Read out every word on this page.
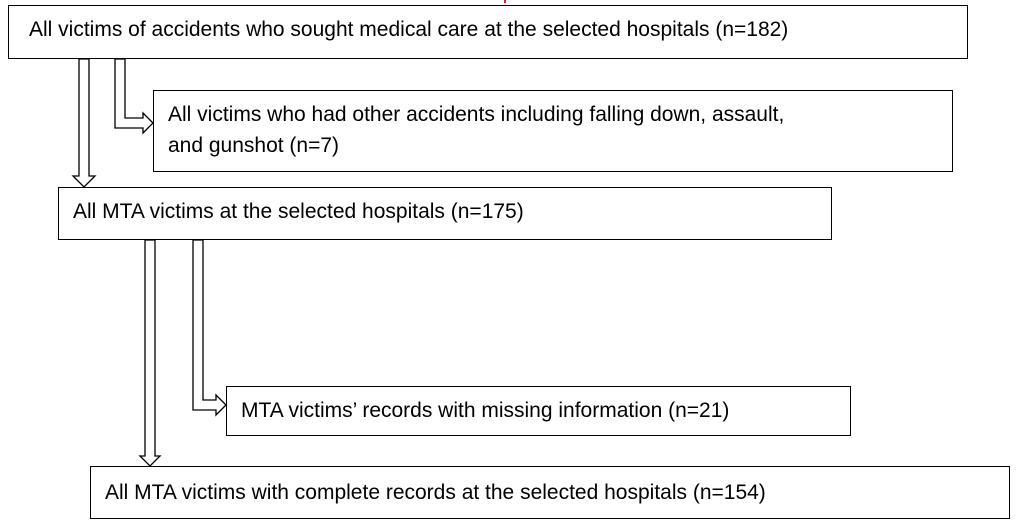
All victims of accidents who sought medical care at the selected hospitals (n=182)
All victims who had other accidents including falling down, assault,
and gunshot (n=7)
All MTA victims at the selected hospitals (n=175)
MTA victims’ records with missing information (n=21)
All MTA victims with complete records at the selected hospitals (n=154)
